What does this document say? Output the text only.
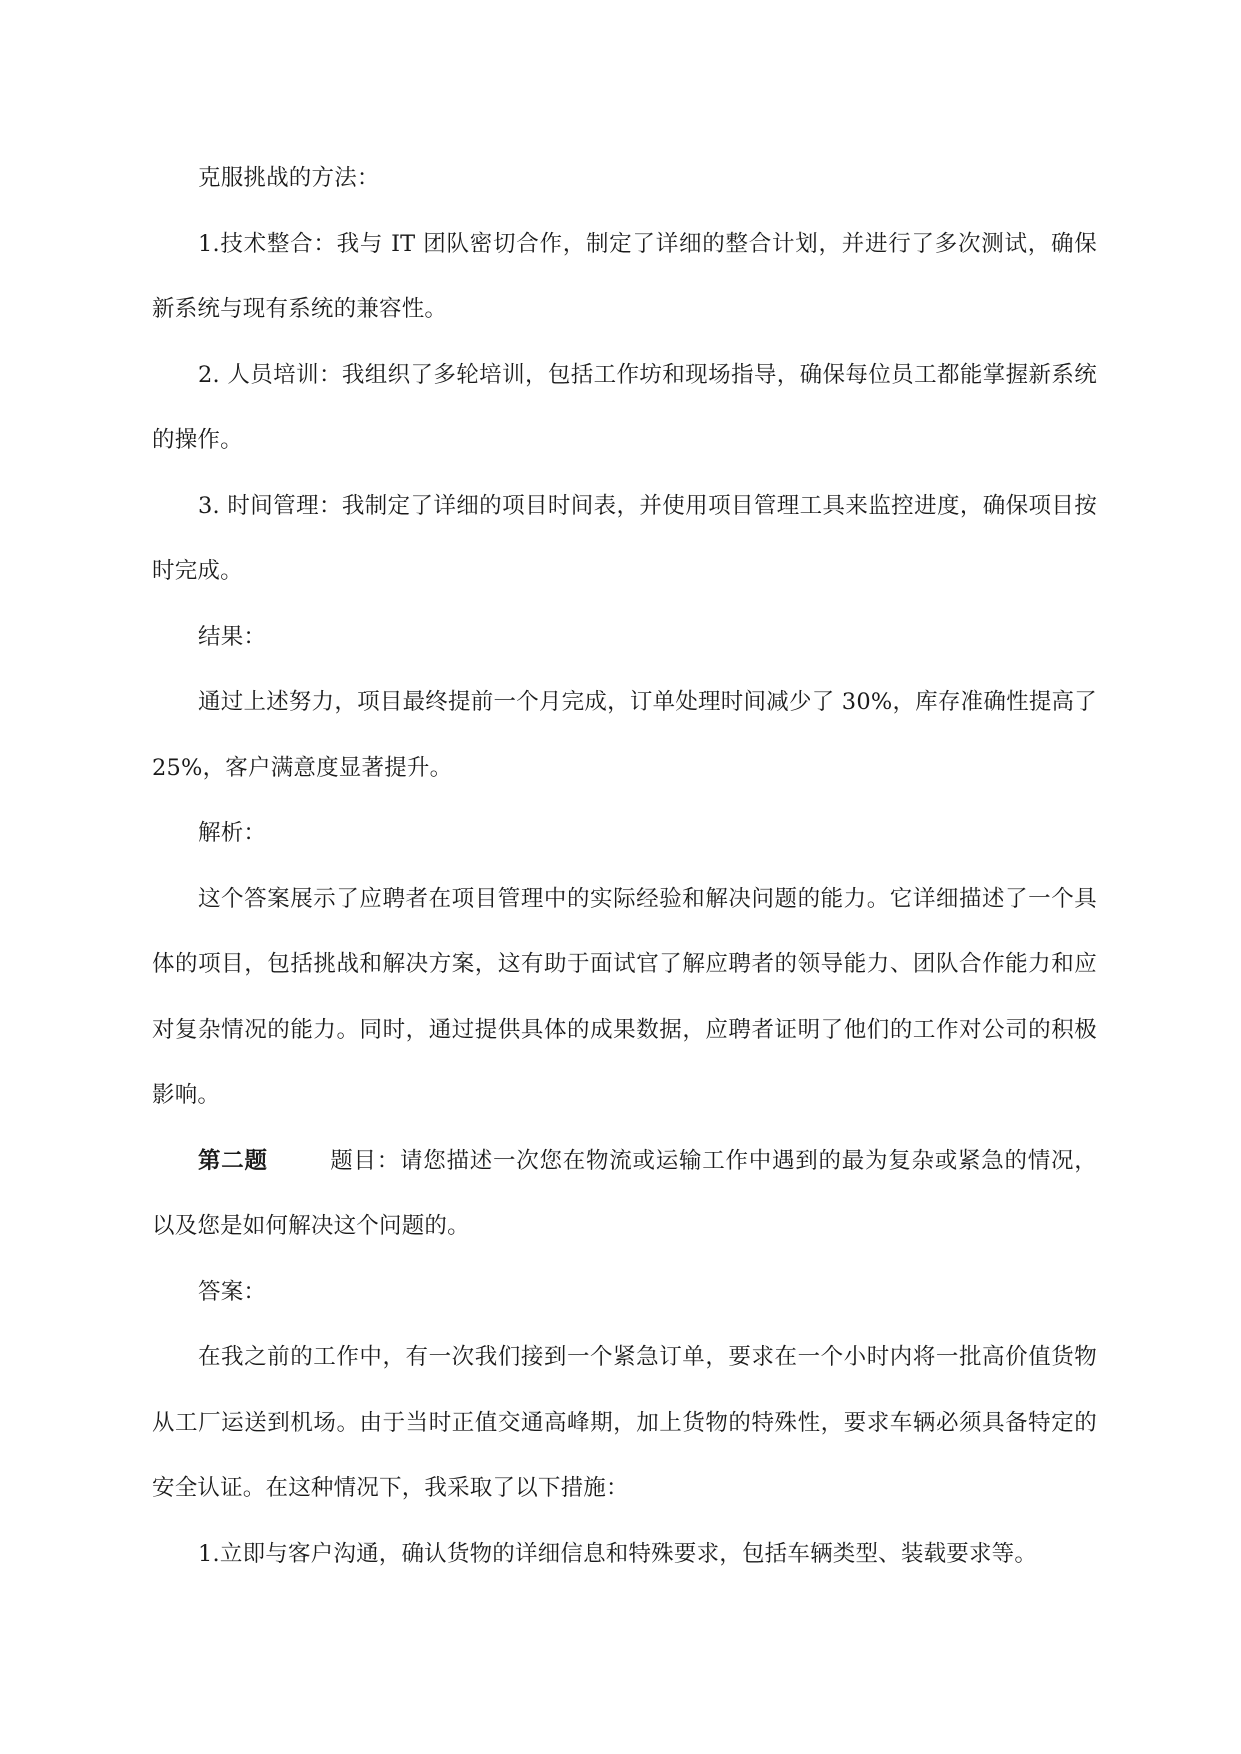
克服挑战的方法：

1.技术整合：我与 IT 团队密切合作，制定了详细的整合计划，并进行了多次测试，确保新系统与现有系统的兼容性。

2. 人员培训：我组织了多轮培训，包括工作坊和现场指导，确保每位员工都能掌握新系统的操作。

3. 时间管理：我制定了详细的项目时间表，并使用项目管理工具来监控进度，确保项目按时完成。

结果：

通过上述努力，项目最终提前一个月完成，订单处理时间减少了 30%，库存准确性提高了 25%，客户满意度显著提升。

解析：

这个答案展示了应聘者在项目管理中的实际经验和解决问题的能力。它详细描述了一个具体的项目，包括挑战和解决方案，这有助于面试官了解应聘者的领导能力、团队合作能力和应对复杂情况的能力。同时，通过提供具体的成果数据，应聘者证明了他们的工作对公司的积极影响。

第二题	题目：请您描述一次您在物流或运输工作中遇到的最为复杂或紧急的情况，以及您是如何解决这个问题的。

答案：

在我之前的工作中，有一次我们接到一个紧急订单，要求在一个小时内将一批高价值货物从工厂运送到机场。由于当时正值交通高峰期，加上货物的特殊性，要求车辆必须具备特定的安全认证。在这种情况下，我采取了以下措施：

1.立即与客户沟通，确认货物的详细信息和特殊要求，包括车辆类型、装载要求等。
